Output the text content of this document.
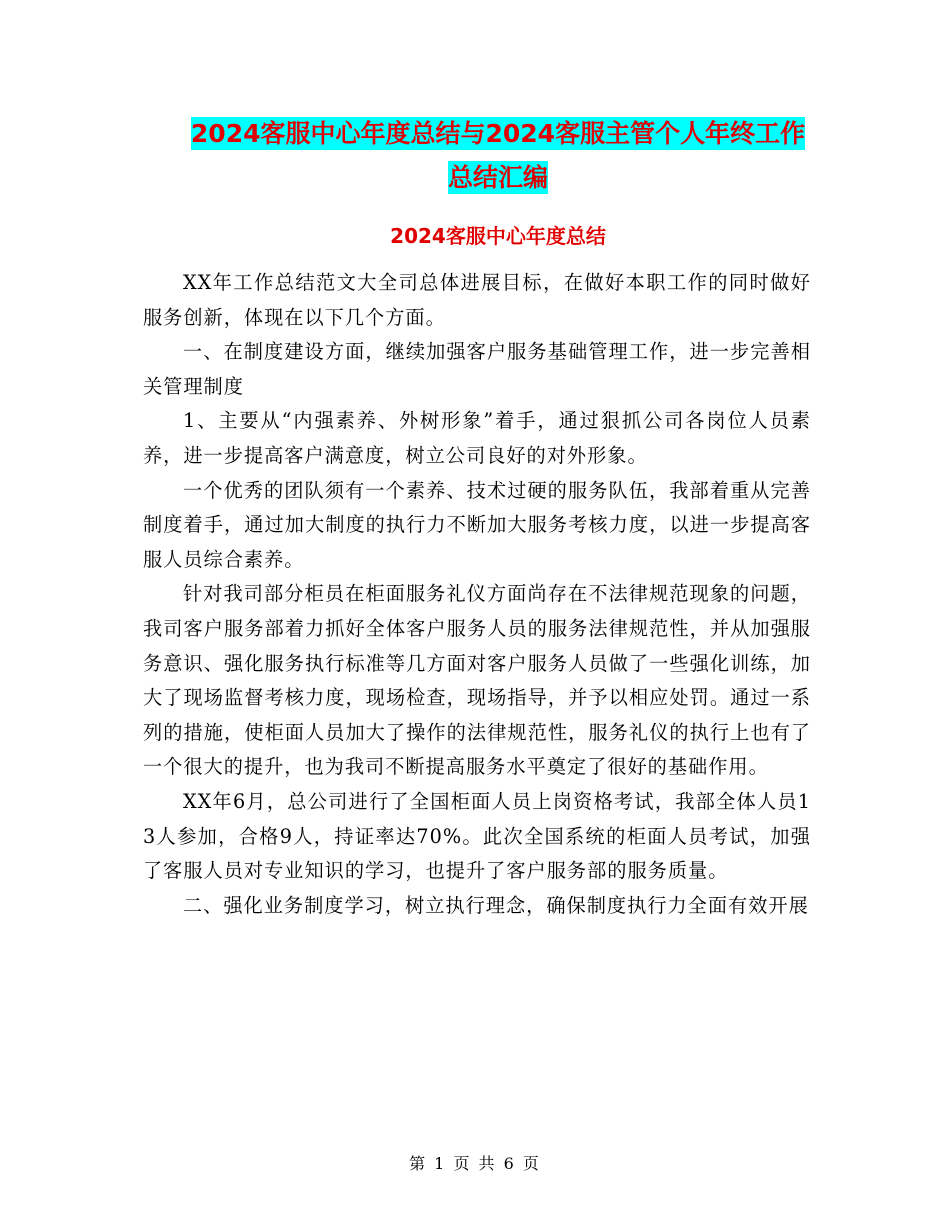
2024客服中心年度总结与2024客服主管个人年终工作
总结汇编
2024客服中心年度总结

XX年工作总结范文大全司总体进展目标，在做好本职工作的同时做好服务创新，体现在以下几个方面。

一、在制度建设方面，继续加强客户服务基础管理工作，进一步完善相关管理制度

1、主要从“内强素养、外树形象”着手，通过狠抓公司各岗位人员素养，进一步提高客户满意度，树立公司良好的对外形象。

一个优秀的团队须有一个素养、技术过硬的服务队伍，我部着重从完善制度着手，通过加大制度的执行力不断加大服务考核力度，以进一步提高客服人员综合素养。

针对我司部分柜员在柜面服务礼仪方面尚存在不法律规范现象的问题，我司客户服务部着力抓好全体客户服务人员的服务法律规范性，并从加强服务意识、强化服务执行标准等几方面对客户服务人员做了一些强化训练，加大了现场监督考核力度，现场检查，现场指导，并予以相应处罚。通过一系列的措施，使柜面人员加大了操作的法律规范性，服务礼仪的执行上也有了一个很大的提升，也为我司不断提高服务水平奠定了很好的基础作用。

XX年6月，总公司进行了全国柜面人员上岗资格考试，我部全体人员13人参加，合格9人，持证率达70%。此次全国系统的柜面人员考试，加强了客服人员对专业知识的学习，也提升了客户服务部的服务质量。

二、强化业务制度学习，树立执行理念，确保制度执行力全面有效开展

第 1 页 共 6 页
